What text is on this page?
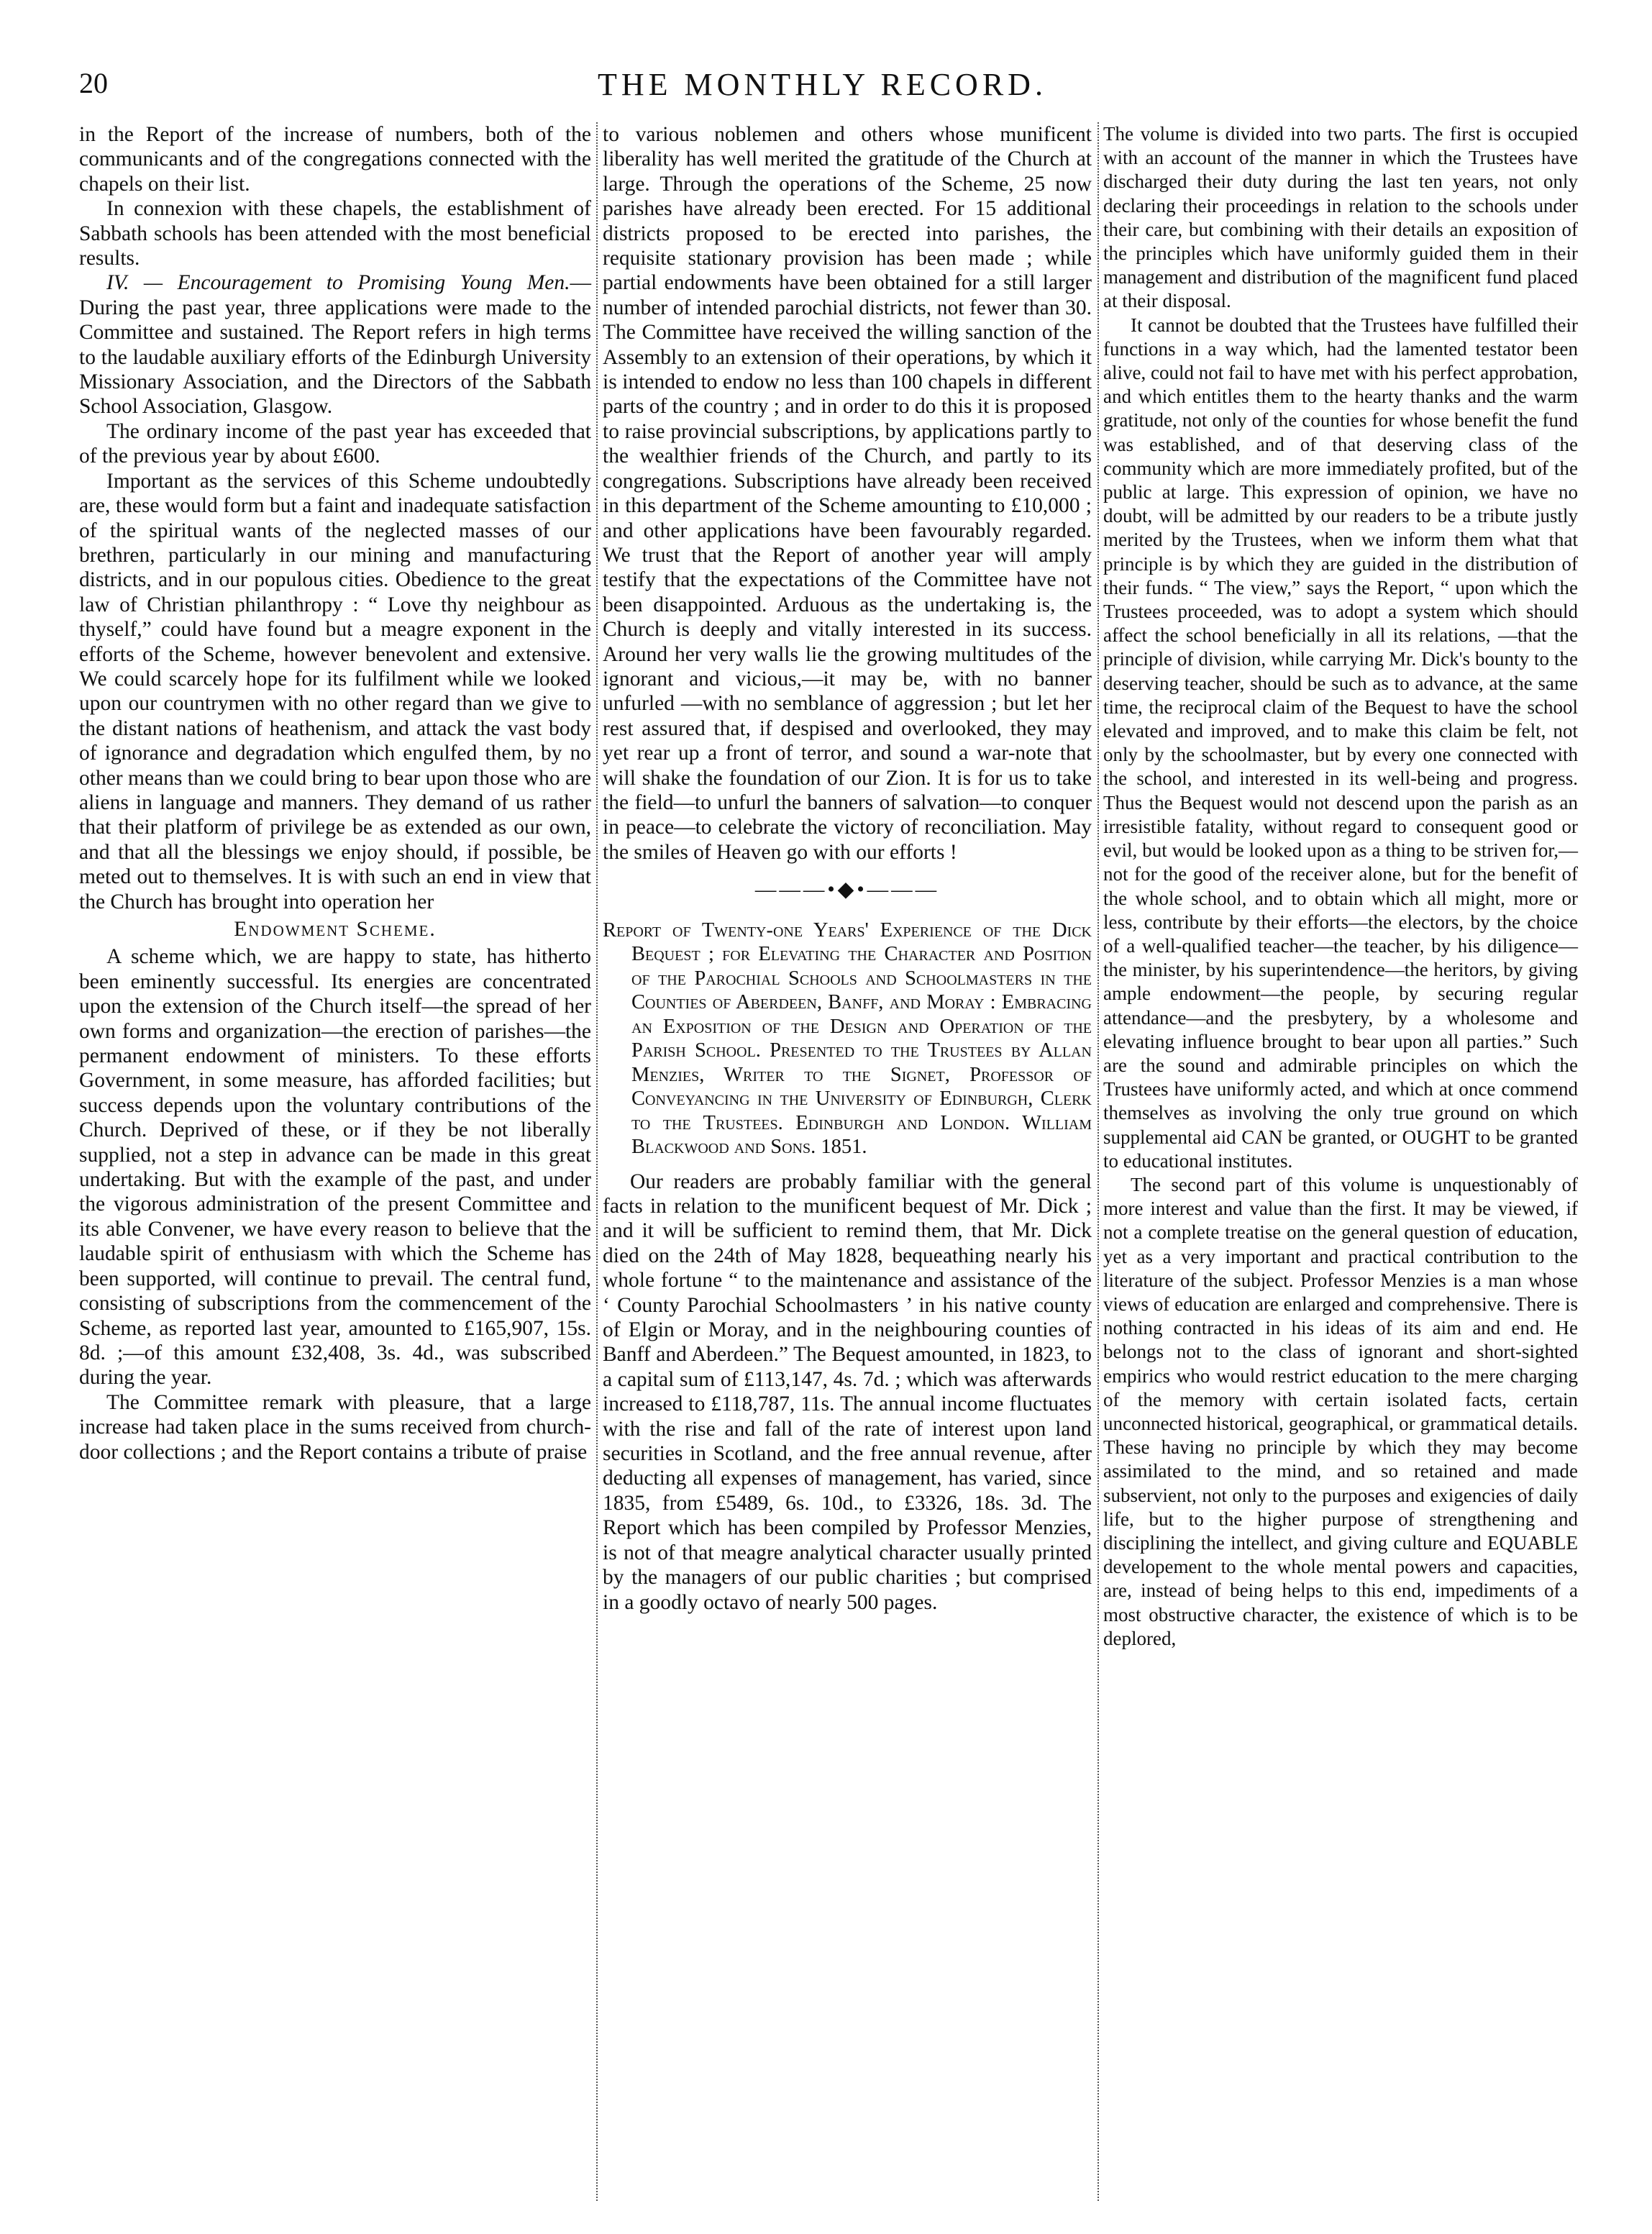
20	THE MONTHLY RECORD.

in the Report of the increase of numbers, both of the communicants and of the congregations connected with the chapels on their list.

In connexion with these chapels, the establishment of Sabbath schools has been attended with the most beneficial results.

IV. — Encouragement to Promising Young Men.—During the past year, three applications were made to the Committee and sustained. The Report refers in high terms to the laudable auxiliary efforts of the Edinburgh University Missionary Association, and the Directors of the Sabbath School Association, Glasgow.

The ordinary income of the past year has exceeded that of the previous year by about £600.

Important as the services of this Scheme undoubtedly are, these would form but a faint and inadequate satisfaction of the spiritual wants of the neglected masses of our brethren, particularly in our mining and manufacturing districts, and in our populous cities. Obedience to the great law of Christian philanthropy : “ Love thy neighbour as thyself,” could have found but a meagre exponent in the efforts of the Scheme, however benevolent and extensive. We could scarcely hope for its fulfilment while we looked upon our countrymen with no other regard than we give to the distant nations of heathenism, and attack the vast body of ignorance and degradation which engulfed them, by no other means than we could bring to bear upon those who are aliens in language and manners. They demand of us rather that their platform of privilege be as extended as our own, and that all the blessings we enjoy should, if possible, be meted out to themselves. It is with such an end in view that the Church has brought into operation her

Endowment Scheme.

A scheme which, we are happy to state, has hitherto been eminently successful. Its energies are concentrated upon the extension of the Church itself—the spread of her own forms and organization—the erection of parishes—the permanent endowment of ministers. To these efforts Government, in some measure, has afforded facilities; but success depends upon the voluntary contributions of the Church. Deprived of these, or if they be not liberally supplied, not a step in advance can be made in this great undertaking. But with the example of the past, and under the vigorous administration of the present Committee and its able Convener, we have every reason to believe that the laudable spirit of enthusiasm with which the Scheme has been supported, will continue to prevail. The central fund, consisting of subscriptions from the commencement of the Scheme, as reported last year, amounted to £165,907, 15s. 8d. ;—of this amount £32,408, 3s. 4d., was subscribed during the year.

The Committee remark with pleasure, that a large increase had taken place in the sums received from church-door collections ; and the Report contains a tribute of praise

to various noblemen and others whose munificent liberality has well merited the gratitude of the Church at large. Through the operations of the Scheme, 25 now parishes have already been erected. For 15 additional districts proposed to be erected into parishes, the requisite stationary provision has been made ; while partial endowments have been obtained for a still larger number of intended parochial districts, not fewer than 30. The Committee have received the willing sanction of the Assembly to an extension of their operations, by which it is intended to endow no less than 100 chapels in different parts of the country ; and in order to do this it is proposed to raise provincial subscriptions, by applications partly to the wealthier friends of the Church, and partly to its congregations. Subscriptions have already been received in this department of the Scheme amounting to £10,000 ; and other applications have been favourably regarded. We trust that the Report of another year will amply testify that the expectations of the Committee have not been disappointed. Arduous as the undertaking is, the Church is deeply and vitally interested in its success. Around her very walls lie the growing multitudes of the ignorant and vicious,—it may be, with no banner unfurled —with no semblance of aggression ; but let her rest assured that, if despised and overlooked, they may yet rear up a front of terror, and sound a war-note that will shake the foundation of our Zion. It is for us to take the field—to unfurl the banners of salvation—to conquer in peace—to celebrate the victory of reconciliation. May the smiles of Heaven go with our efforts !

———•◆•———
Report of Twenty-one Years' Experience of the Dick Bequest ; for Elevating the Character and Position of the Parochial Schools and Schoolmasters in the Counties of Aberdeen, Banff, and Moray : Embracing an Exposition of the Design and Operation of the Parish School. Presented to the Trustees by Allan Menzies, Writer to the Signet, Professor of Conveyancing in the University of Edinburgh, Clerk to the Trustees. Edinburgh and London. William Blackwood and Sons. 1851.

Our readers are probably familiar with the general facts in relation to the munificent bequest of Mr. Dick ; and it will be sufficient to remind them, that Mr. Dick died on the 24th of May 1828, bequeathing nearly his whole fortune “ to the maintenance and assistance of the ‘ County Parochial Schoolmasters ’ in his native county of Elgin or Moray, and in the neighbouring counties of Banff and Aberdeen.” The Bequest amounted, in 1823, to a capital sum of £113,147, 4s. 7d. ; which was afterwards increased to £118,787, 11s. The annual income fluctuates with the rise and fall of the rate of interest upon land securities in Scotland, and the free annual revenue, after deducting all expenses of management, has varied, since 1835, from £5489, 6s. 10d., to £3326, 18s. 3d. The Report which has been compiled by Professor Menzies, is not of that meagre analytical character usually printed by the managers of our public charities ; but comprised in a goodly octavo of nearly 500 pages.

The volume is divided into two parts. The first is occupied with an account of the manner in which the Trustees have discharged their duty during the last ten years, not only declaring their proceedings in relation to the schools under their care, but combining with their details an exposition of the principles which have uniformly guided them in their management and distribution of the magnificent fund placed at their disposal.

It cannot be doubted that the Trustees have fulfilled their functions in a way which, had the lamented testator been alive, could not fail to have met with his perfect approbation, and which entitles them to the hearty thanks and the warm gratitude, not only of the counties for whose benefit the fund was established, and of that deserving class of the community which are more immediately profited, but of the public at large. This expression of opinion, we have no doubt, will be admitted by our readers to be a tribute justly merited by the Trustees, when we inform them what that principle is by which they are guided in the distribution of their funds. “ The view,” says the Report, “ upon which the Trustees proceeded, was to adopt a system which should affect the school beneficially in all its relations, —that the principle of division, while carrying Mr. Dick's bounty to the deserving teacher, should be such as to advance, at the same time, the reciprocal claim of the Bequest to have the school elevated and improved, and to make this claim be felt, not only by the schoolmaster, but by every one connected with the school, and interested in its well-being and progress. Thus the Bequest would not descend upon the parish as an irresistible fatality, without regard to consequent good or evil, but would be looked upon as a thing to be striven for,—not for the good of the receiver alone, but for the benefit of the whole school, and to obtain which all might, more or less, contribute by their efforts—the electors, by the choice of a well-qualified teacher—the teacher, by his diligence—the minister, by his superintendence—the heritors, by giving ample endowment—the people, by securing regular attendance—and the presbytery, by a wholesome and elevating influence brought to bear upon all parties.” Such are the sound and admirable principles on which the Trustees have uniformly acted, and which at once commend themselves as involving the only true ground on which supplemental aid CAN be granted, or OUGHT to be granted to educational institutes.

The second part of this volume is unquestionably of more interest and value than the first. It may be viewed, if not a complete treatise on the general question of education, yet as a very important and practical contribution to the literature of the subject. Professor Menzies is a man whose views of education are enlarged and comprehensive. There is nothing contracted in his ideas of its aim and end. He belongs not to the class of ignorant and short-sighted empirics who would restrict education to the mere charging of the memory with certain isolated facts, certain unconnected historical, geographical, or grammatical details. These having no principle by which they may become assimilated to the mind, and so retained and made subservient, not only to the purposes and exigencies of daily life, but to the higher purpose of strengthening and disciplining the intellect, and giving culture and EQUABLE developement to the whole mental powers and capacities, are, instead of being helps to this end, impediments of a most obstructive character, the existence of which is to be deplored,
